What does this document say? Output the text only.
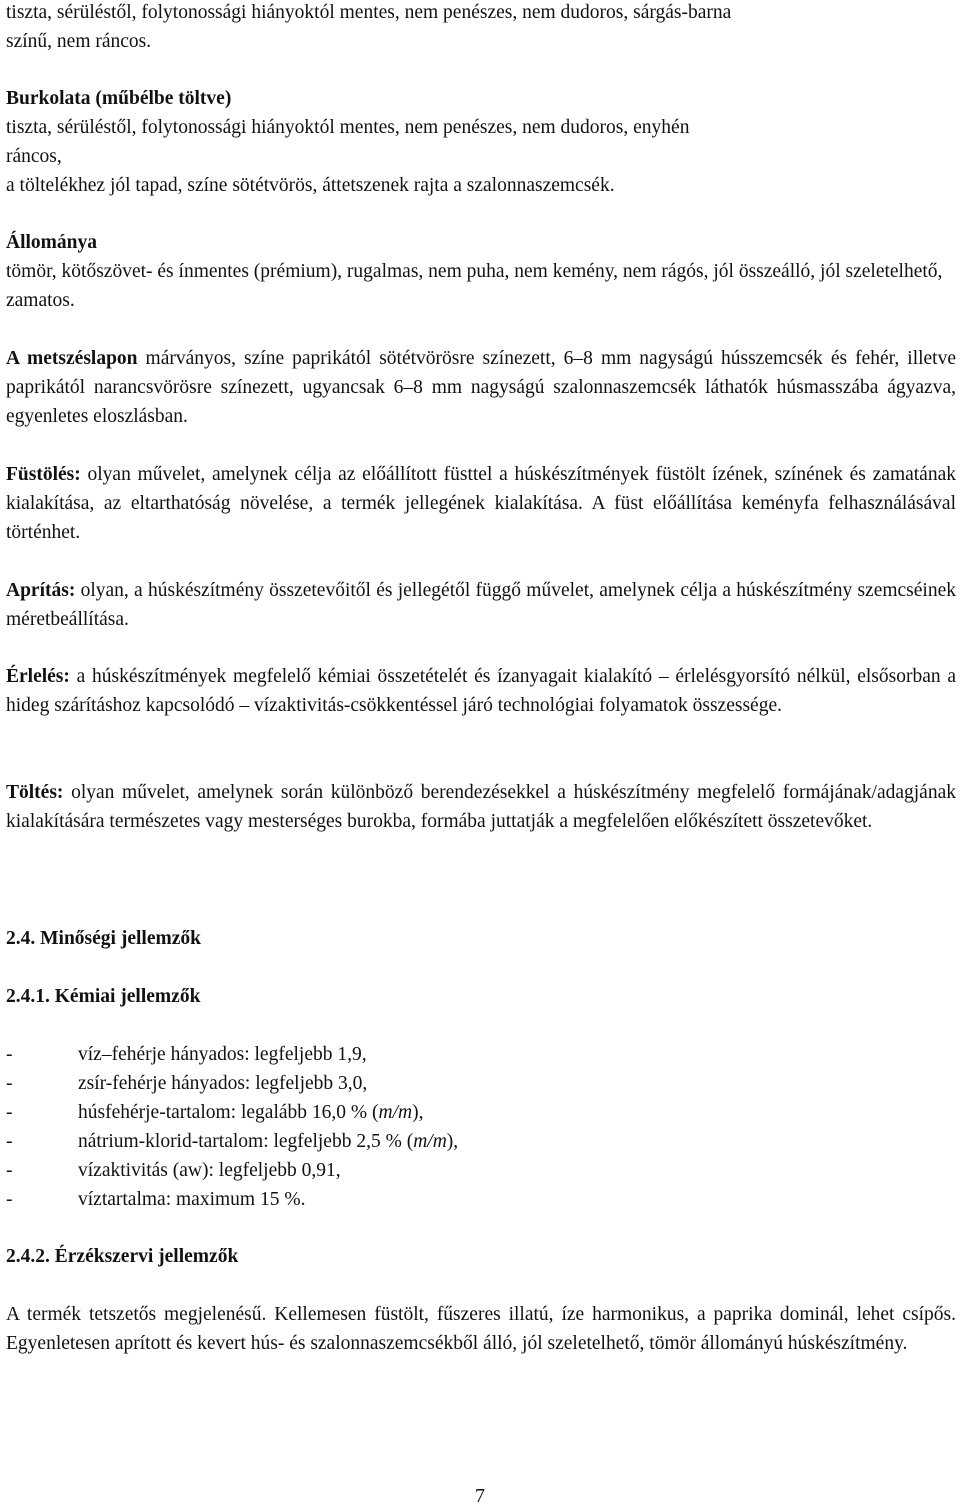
tiszta, sérüléstől, folytonossági hiányoktól mentes, nem penészes, nem dudoros, sárgás-barna

színű, nem ráncos.

Burkolata (műbélbe töltve)

tiszta, sérüléstől, folytonossági hiányoktól mentes, nem penészes, nem dudoros, enyhén

ráncos,

a töltelékhez jól tapad, színe sötétvörös, áttetszenek rajta a szalonnaszemcsék.

Állománya

tömör, kötőszövet- és ínmentes (prémium), rugalmas, nem puha, nem kemény, nem rágós, jól összeálló, jól szeletelhető, zamatos.

A metszéslapon márványos, színe paprikától sötétvörösre színezett, 6–8 mm nagyságú hússzemcsék és fehér, illetve paprikától narancsvörösre színezett, ugyancsak 6–8 mm nagyságú szalonnaszemcsék láthatók húsmasszába ágyazva, egyenletes eloszlásban.

Füstölés: olyan művelet, amelynek célja az előállított füsttel a húskészítmények füstölt ízének, színének és zamatának kialakítása, az eltarthatóság növelése, a termék jellegének kialakítása. A füst előállítása keményfa felhasználásával történhet.

Aprítás: olyan, a húskészítmény összetevőitől és jellegétől függő művelet, amelynek célja a húskészítmény szemcséinek méretbeállítása.

Érlelés: a húskészítmények megfelelő kémiai összetételét és ízanyagait kialakító – érlelésgyorsító nélkül, elsősorban a hideg szárításhoz kapcsolódó – vízaktivitás-csökkentéssel járó technológiai folyamatok összessége.

Töltés: olyan művelet, amelynek során különböző berendezésekkel a húskészítmény megfelelő formájának/adagjának kialakítására természetes vagy mesterséges burokba, formába juttatják a megfelelően előkészített összetevőket.

2.4. Minőségi jellemzők
2.4.1. Kémiai jellemzők
-	víz–fehérje hányados: legfeljebb 1,9,
-	zsír-fehérje hányados: legfeljebb 3,0,
-	húsfehérje-tartalom: legalább 16,0 % (m/m),
-	nátrium-klorid-tartalom: legfeljebb 2,5 % (m/m),
-	vízaktivitás (aw): legfeljebb 0,91,
-	víztartalma: maximum 15 %.
2.4.2. Érzékszervi jellemzők

A termék tetszetős megjelenésű. Kellemesen füstölt, fűszeres illatú, íze harmonikus, a paprika dominál, lehet csípős. Egyenletesen aprított és kevert hús- és szalonnaszemcsékből álló, jól szeletelhető, tömör állományú húskészítmény.

7
